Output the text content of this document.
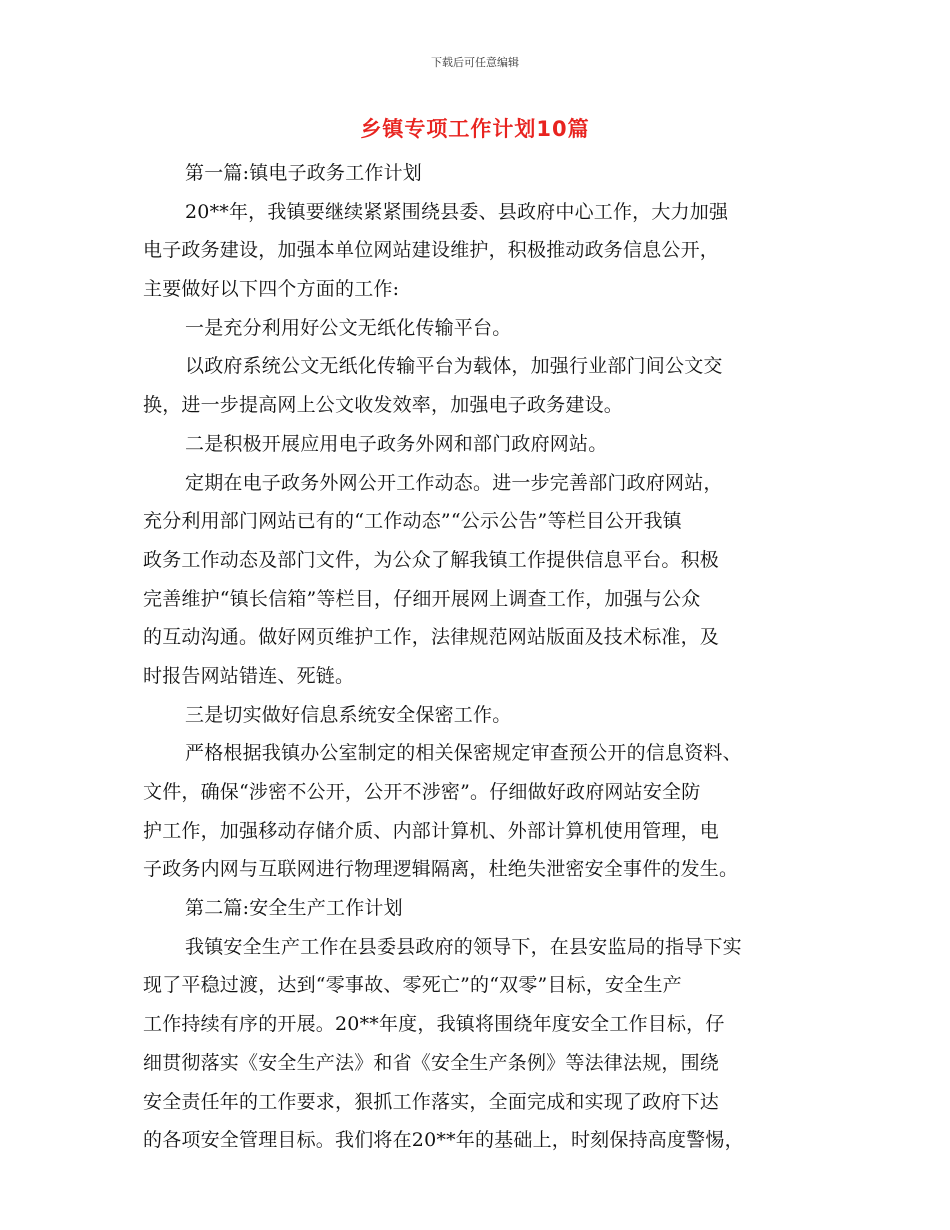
下载后可任意编辑
乡镇专项工作计划10篇
第一篇:镇电子政务工作计划
20**年，我镇要继续紧紧围绕县委、县政府中心工作，大力加强
电子政务建设，加强本单位网站建设维护，积极推动政务信息公开，
主要做好以下四个方面的工作:
一是充分利用好公文无纸化传输平台。
以政府系统公文无纸化传输平台为载体，加强行业部门间公文交
换，进一步提高网上公文收发效率，加强电子政务建设。
二是积极开展应用电子政务外网和部门政府网站。
定期在电子政务外网公开工作动态。进一步完善部门政府网站，
充分利用部门网站已有的“工作动态”“公示公告”等栏目公开我镇
政务工作动态及部门文件，为公众了解我镇工作提供信息平台。积极
完善维护“镇长信箱”等栏目，仔细开展网上调查工作，加强与公众
的互动沟通。做好网页维护工作，法律规范网站版面及技术标准，及
时报告网站错连、死链。
三是切实做好信息系统安全保密工作。
严格根据我镇办公室制定的相关保密规定审查预公开的信息资料、
文件，确保“涉密不公开，公开不涉密”。仔细做好政府网站安全防
护工作，加强移动存储介质、内部计算机、外部计算机使用管理，电
子政务内网与互联网进行物理逻辑隔离，杜绝失泄密安全事件的发生。
第二篇:安全生产工作计划
我镇安全生产工作在县委县政府的领导下，在县安监局的指导下实
现了平稳过渡，达到“零事故、零死亡”的“双零”目标，安全生产
工作持续有序的开展。20**年度，我镇将围绕年度安全工作目标，仔
细贯彻落实《安全生产法》和省《安全生产条例》等法律法规，围绕
安全责任年的工作要求，狠抓工作落实，全面完成和实现了政府下达
的各项安全管理目标。我们将在20**年的基础上，时刻保持高度警惕，
